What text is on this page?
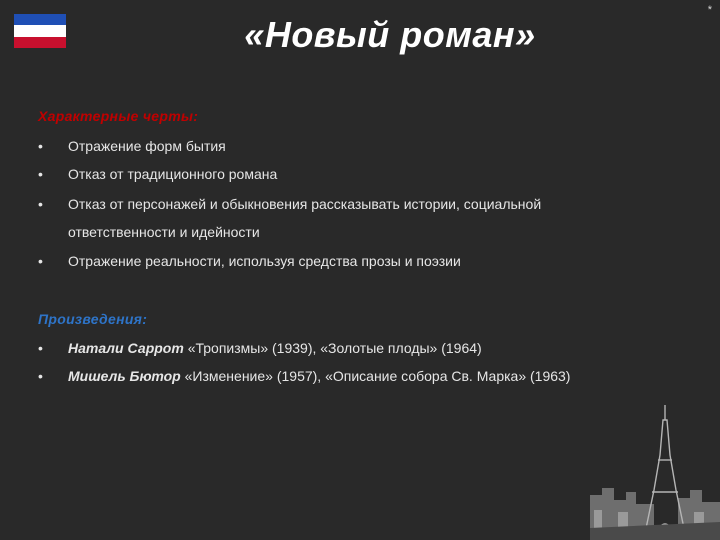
«Новый роман»
*
Характерные черты:
•	Отражение форм бытия
•	Отказ от традиционного романа
•	Отказ от персонажей и обыкновения рассказывать истории, социальной ответственности и идейности
•	Отражение реальности, используя средства прозы и поэзии
Произведения:
•	Натали Саррот «Тропизмы» (1939), «Золотые плоды» (1964)
•	Мишель Бютор «Изменение» (1957), «Описание собора Св. Марка» (1963)
